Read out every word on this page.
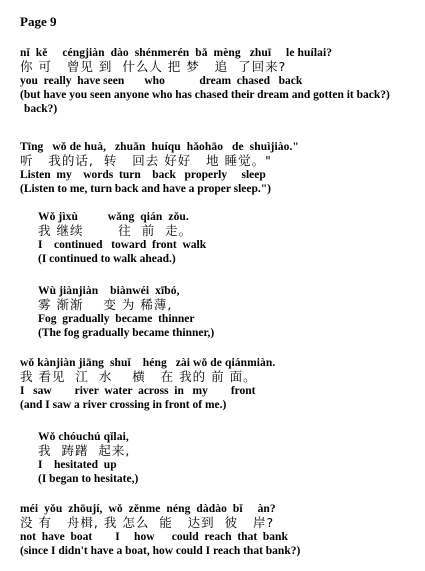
Page 9
nǐ  kě     céngjiàn  dào  shénmerén  bǎ  mèng   zhuī     le huílai?
你 可   曾见 到  什么人 把 梦   追  了回来?
you  really  have seen       who            dream  chased   back
(but have you seen anyone who has chased their dream and gotten it back?)
back?)
Tīng   wǒ de huà,   zhuǎn  huíqu  hǎohāo   de  shuìjiào."
听   我的话,  转   回去 好好   地 睡觉。"
Listen  my    words  turn    back   properly     sleep
(Listen to me, turn back and have a proper sleep.")
Wǒ jìxù          wǎng  qián  zǒu.
我 继续       往  前  走。
I    continued   toward  front  walk
(I continued to walk ahead.)
Wù jiànjiàn    biànwéi  xībó,
雾 渐渐    变 为 稀薄,
Fog  gradually  became  thinner
(The fog gradually became thinner,)
wǒ kànjiàn jiāng  shuǐ    héng   zài wǒ de qiánmiàn.
我 看见  江  水    横   在 我的 前 面。
I   saw        river  water  across  in   my        front
(and I saw a river crossing in front of me.)
Wǒ chóuchú qǐlai,
我  踌躇  起来,
I    hesitated  up
(I began to hesitate,)
méi  yǒu  zhōují,  wǒ  zěnme  néng  dàdào  bǐ     àn?
没 有   舟楫, 我 怎么  能   达到  彼   岸?
not  have  boat        I     how      could  reach  that  bank
(since I didn't have a boat, how could I reach that bank?)
